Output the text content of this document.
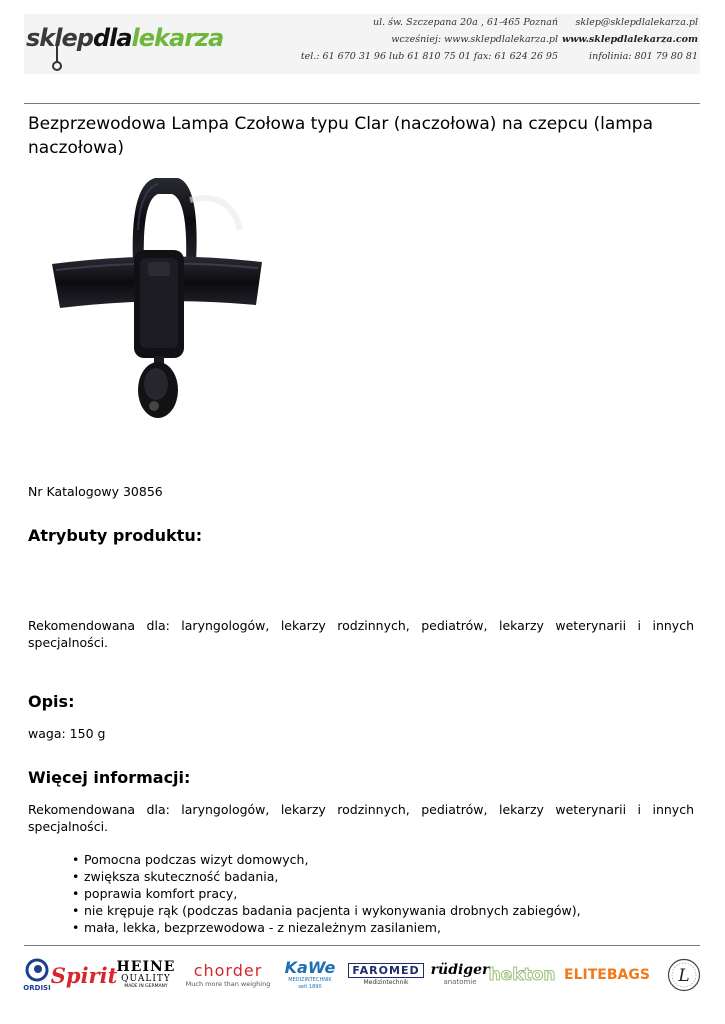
sklepdlalekarza
ul. św. Szczepana 20a , 61-465 Poznań
wcześniej: www.sklepdlalekarza.pl
tel.: 61 670 31 96 lub 61 810 75 01 fax: 61 624 26 95
sklep@sklepdlalekarza.pl
www.sklepdlalekarza.com
infolinia: 801 79 80 81
Bezprzewodowa Lampa Czołowa typu Clar (naczołowa) na czepcu (lampa naczołowa)
Nr Katalogowy 30856
Atrybuty produktu:

Rekomendowana dla: laryngologów, lekarzy rodzinnych, pediatrów, lekarzy weterynarii i innych specjalności.

Opis:
waga: 150 g
Więcej informacji:

Rekomendowana dla: laryngologów, lekarzy rodzinnych, pediatrów, lekarzy weterynarii i innych specjalności.

• Pomocna podczas wizyt domowych,
• zwiększa skuteczność badania,
• poprawia komfort pracy,
• nie krępuje rąk (podczas badania pacjenta i wykonywania drobnych zabiegów),
• mała, lekka, bezprzewodowa - z niezależnym zasilaniem,
ORDISI
Spirit HEINE
QUALITY
MADE IN GERMANY
chorder
Much more than weighing
KaWe
MEDIZINTECHNIK
seit 1890
FAROMED
Medizintechnik
rüdiger
anatomie hekton ELITEBAGS L
